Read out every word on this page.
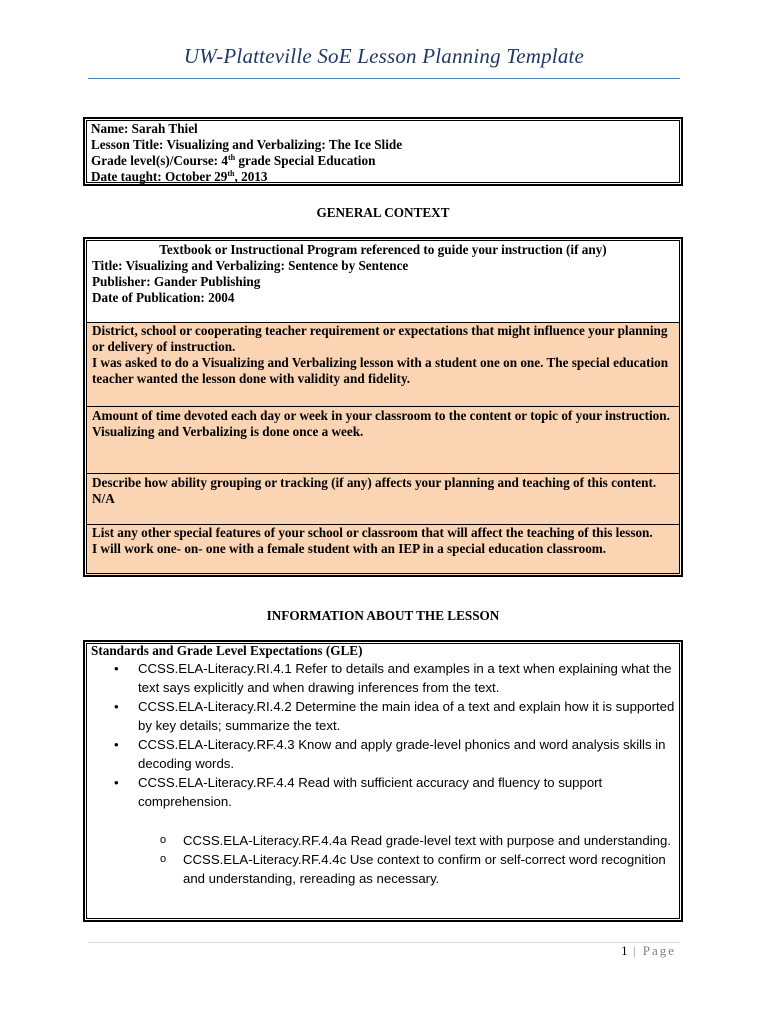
UW-Platteville SoE Lesson Planning Template
Name: Sarah Thiel
Lesson Title: Visualizing and Verbalizing: The Ice Slide
Grade level(s)/Course: 4th grade Special Education
Date taught: October 29th, 2013
GENERAL CONTEXT
Textbook or Instructional Program referenced to guide your instruction (if any)
Title: Visualizing and Verbalizing: Sentence by Sentence
Publisher: Gander Publishing
Date of Publication: 2004
District, school or cooperating teacher requirement or expectations that might influence your planning or delivery of instruction.
I was asked to do a Visualizing and Verbalizing lesson with a student one on one. The special education teacher wanted the lesson done with validity and fidelity.
Amount of time devoted each day or week in your classroom to the content or topic of your instruction.
Visualizing and Verbalizing is done once a week.
Describe how ability grouping or tracking (if any) affects your planning and teaching of this content.
N/A
List any other special features of your school or classroom that will affect the teaching of this lesson.
I will work one- on- one with a female student with an IEP in a special education classroom.
INFORMATION ABOUT THE LESSON
Standards and Grade Level Expectations (GLE)
• CCSS.ELA-Literacy.RI.4.1 Refer to details and examples in a text when explaining what the text says explicitly and when drawing inferences from the text.
• CCSS.ELA-Literacy.RI.4.2 Determine the main idea of a text and explain how it is supported by key details; summarize the text.
• CCSS.ELA-Literacy.RF.4.3 Know and apply grade-level phonics and word analysis skills in decoding words.
• CCSS.ELA-Literacy.RF.4.4 Read with sufficient accuracy and fluency to support comprehension.
o CCSS.ELA-Literacy.RF.4.4a Read grade-level text with purpose and understanding.
o CCSS.ELA-Literacy.RF.4.4c Use context to confirm or self-correct word recognition and understanding, rereading as necessary.
1 | Page
